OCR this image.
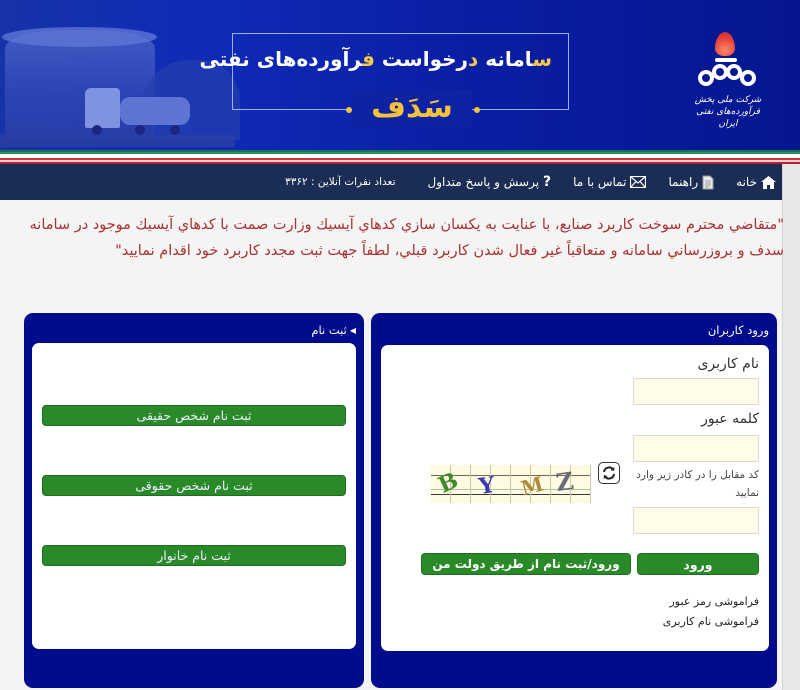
سامانه درخواست فرآورده‌های نفتی
سَدَف	شرکت ملی پخش فرآورده‌های نفتی ایران
خانه
راهنما
تماس با ما
?
پرسش و پاسخ متداول
تعداد نفرات آنلاین : ۳۳۶۲
"متقاضي محترم سوخت کاربرد صنايع، با عنايت به يکسان سازي کدهاي آيسيك وزارت صمت با کدهاي آيسيك موجود در سامانه سدف و بروزرساني سامانه و متعاقباً غير فعال شدن کاربرد قبلي، لطفاً جهت ثبت مجدد کاربرد خود اقدام نماييد"
ورود کاربران
نام کاربری
کلمه عبور
کد مقابل را در کادر زیر وارد نمایید
B Y M Z
ورود
ورود/ثبت نام از طریق دولت من
فراموشی رمز عبور
فراموشی نام کاربری
◀
ثبت نام
ثبت نام شخص حقیقی
ثبت نام شخص حقوقی
ثبت نام خانوار
